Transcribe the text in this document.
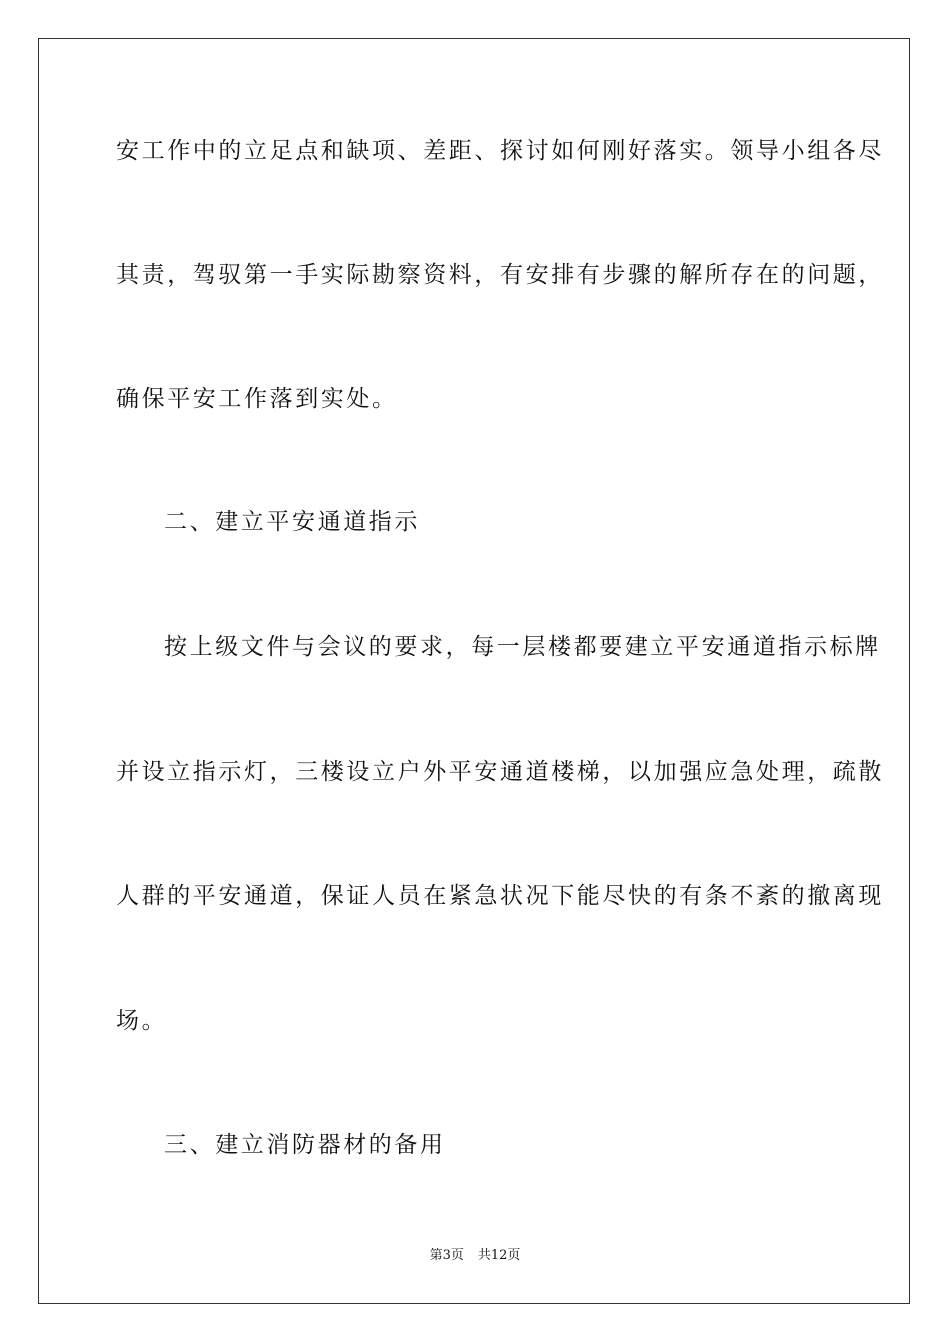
安工作中的立足点和缺项、差距、探讨如何刚好落实。领导小组各尽
其责，驾驭第一手实际勘察资料，有安排有步骤的解所存在的问题，
确保平安工作落到实处。
二、建立平安通道指示
按上级文件与会议的要求，每一层楼都要建立平安通道指示标牌
并设立指示灯，三楼设立户外平安通道楼梯，以加强应急处理，疏散
人群的平安通道，保证人员在紧急状况下能尽快的有条不紊的撤离现
场。
三、建立消防器材的备用
第3页 共12页
